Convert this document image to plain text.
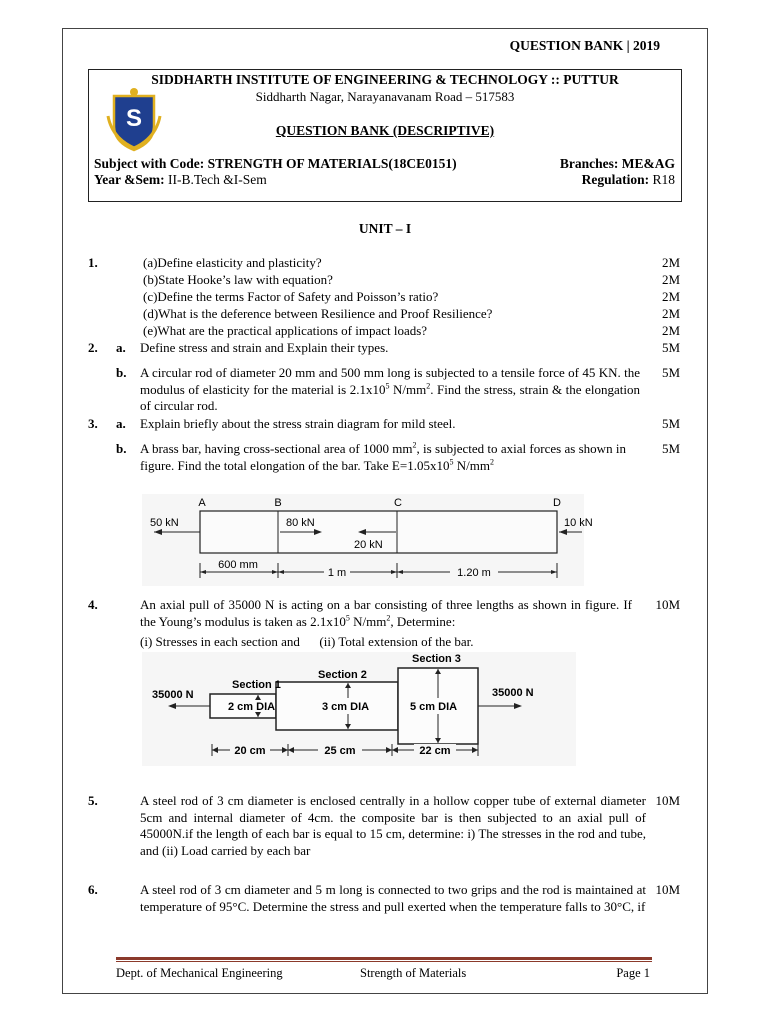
QUESTION BANK | 2019
SIDDHARTH INSTITUTE OF ENGINEERING & TECHNOLOGY :: PUTTUR
Siddharth Nagar, Narayanavanam Road – 517583
S	QUESTION BANK (DESCRIPTIVE)
Subject with Code: STRENGTH OF MATERIALS(18CE0151)
Year &Sem: II-B.Tech &I-Sem
Branches: ME&AG
Regulation: R18
UNIT – I
1.	(a)Define elasticity and plasticity?	2M
(b)State Hooke’s law with equation?	2M
(c)Define the terms Factor of Safety and Poisson’s ratio?	2M
(d)What is the deference between Resilience and Proof Resilience?	2M
(e)What are the practical applications of impact loads?	2M
2. a. Define stress and strain and Explain their types.	5M
b. A circular rod of diameter 20 mm and 500 mm long is subjected to a tensile force of 45 KN. the modulus of elasticity for the material is $2.1x10^5$ $N/mm^2$. Find the stress, strain & the elongation of circular rod.
5M
3. a. Explain briefly about the stress strain diagram for mild steel.	5M
b. A brass bar, having cross-sectional area of 1000 $mm^2$, is subjected to axial forces as shown in figure. Find the total elongation of the bar. Take $E=1.05x10^5$ $N/mm^2$
5M
A	B	C	D
50 kN	80 kN
20 kN
10 kN
600 mm
1 m	1.20 m
4.	An axial pull of 35000 N is acting on a bar consisting of three lengths as shown in figure. If the Young’s modulus is taken as $2.1x10^5$ $N/mm^2$, Determine:
(i) Stresses in each section and      (ii) Total extension of the bar.
10M
Section 1
Section 2
Section 3
2 cm DIA	3 cm DIA	5 cm DIA
35000 N	35000 N
20 cm	25 cm	22 cm
5.	A steel rod of 3 cm diameter is enclosed centrally in a hollow copper tube of external diameter 5cm and internal diameter of 4cm. the composite bar is then subjected to an axial pull of 45000N.if the length of each bar is equal to 15 cm, determine: i) The stresses in the rod and tube, and (ii) Load carried by each bar
10M
6.	A steel rod of 3 cm diameter and 5 m long is connected to two grips and the rod is maintained at temperature of 95°C. Determine the stress and pull exerted when the temperature falls to 30°C, if
10M
Dept. of Mechanical Engineering	Strength of Materials	Page 1
